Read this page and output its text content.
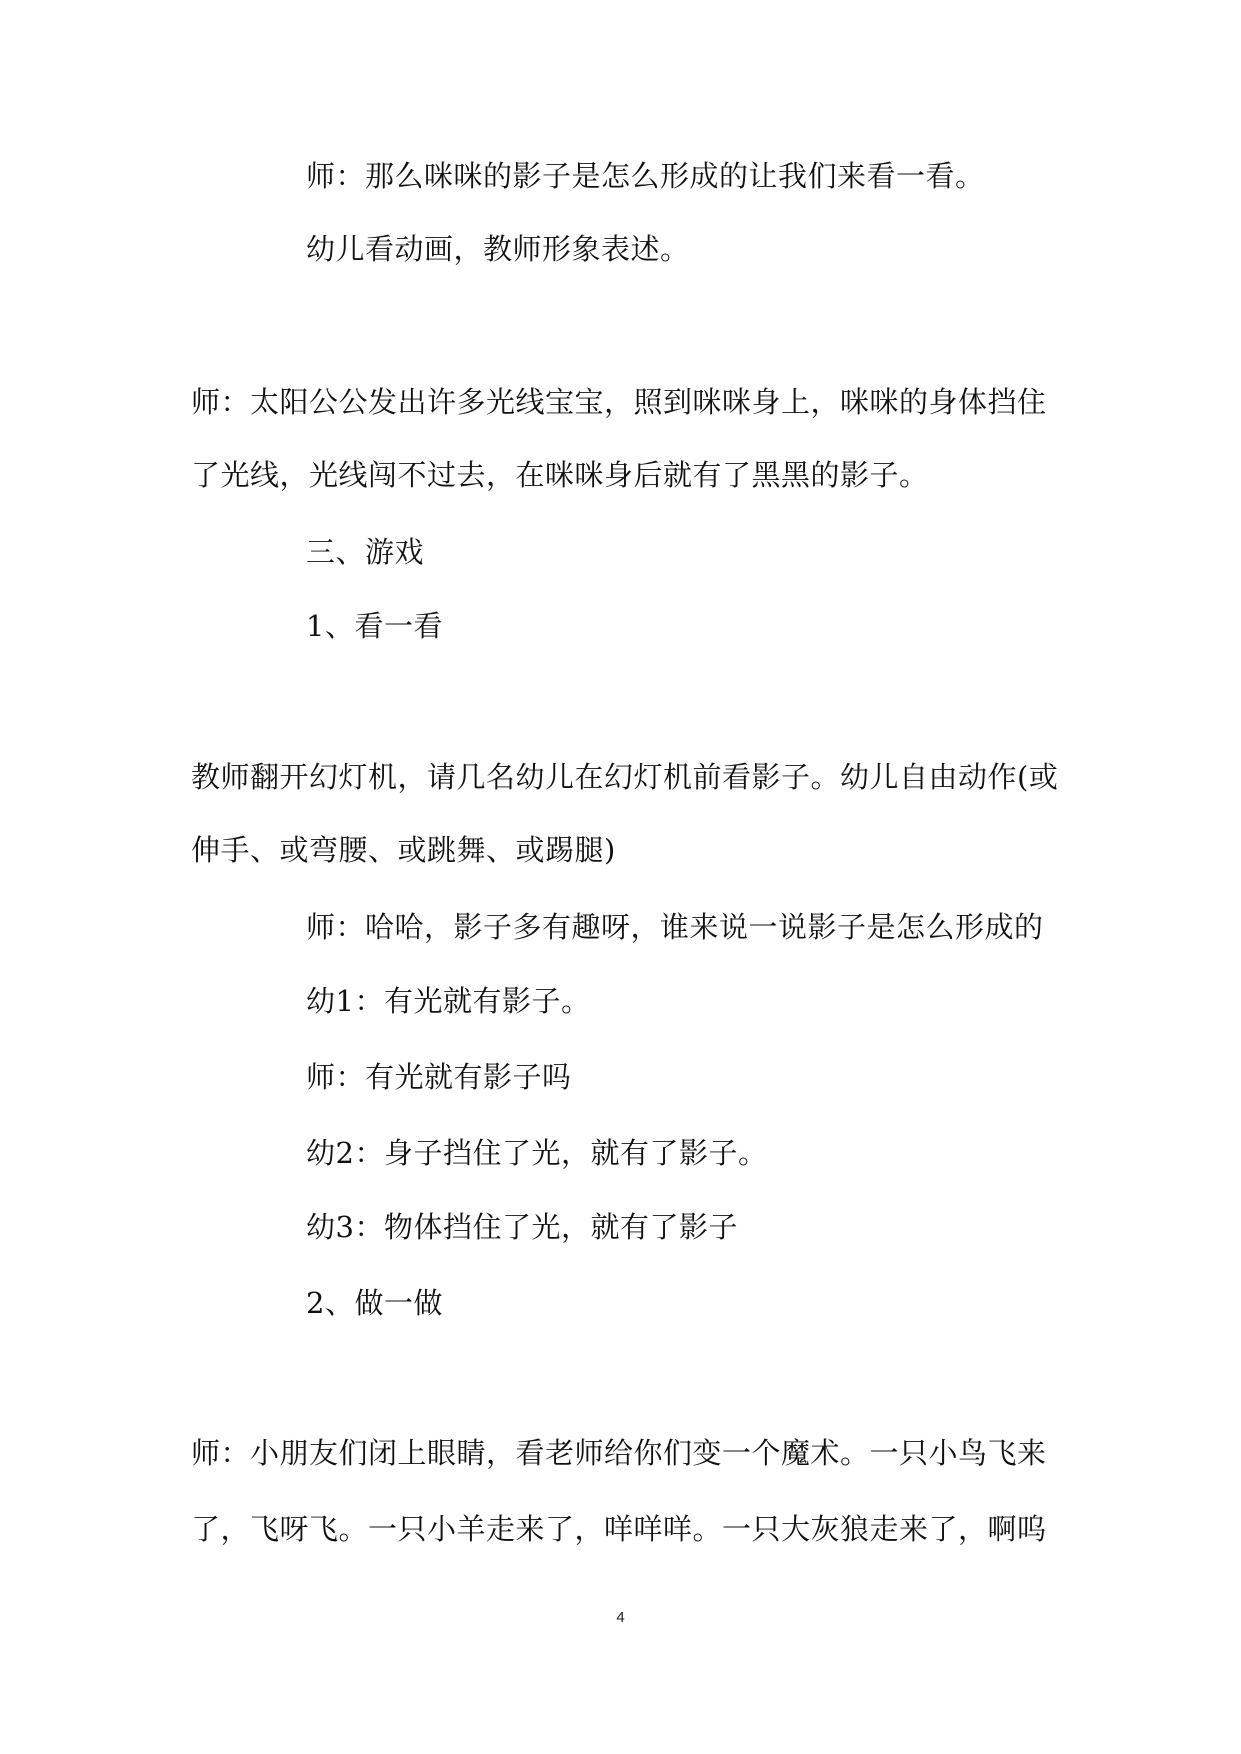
师：那么咪咪的影子是怎么形成的让我们来看一看。
幼儿看动画，教师形象表述。
师：太阳公公发出许多光线宝宝，照到咪咪身上，咪咪的身体挡住
了光线，光线闯不过去，在咪咪身后就有了黑黑的影子。
三、游戏
1、看一看
教师翻开幻灯机，请几名幼儿在幻灯机前看影子。幼儿自由动作(或
伸手、或弯腰、或跳舞、或踢腿)
师：哈哈，影子多有趣呀，谁来说一说影子是怎么形成的
幼1：有光就有影子。
师：有光就有影子吗
幼2：身子挡住了光，就有了影子。
幼3：物体挡住了光，就有了影子
2、做一做
师：小朋友们闭上眼睛，看老师给你们变一个魔术。一只小鸟飞来
了，飞呀飞。一只小羊走来了，咩咩咩。一只大灰狼走来了，啊呜
4
